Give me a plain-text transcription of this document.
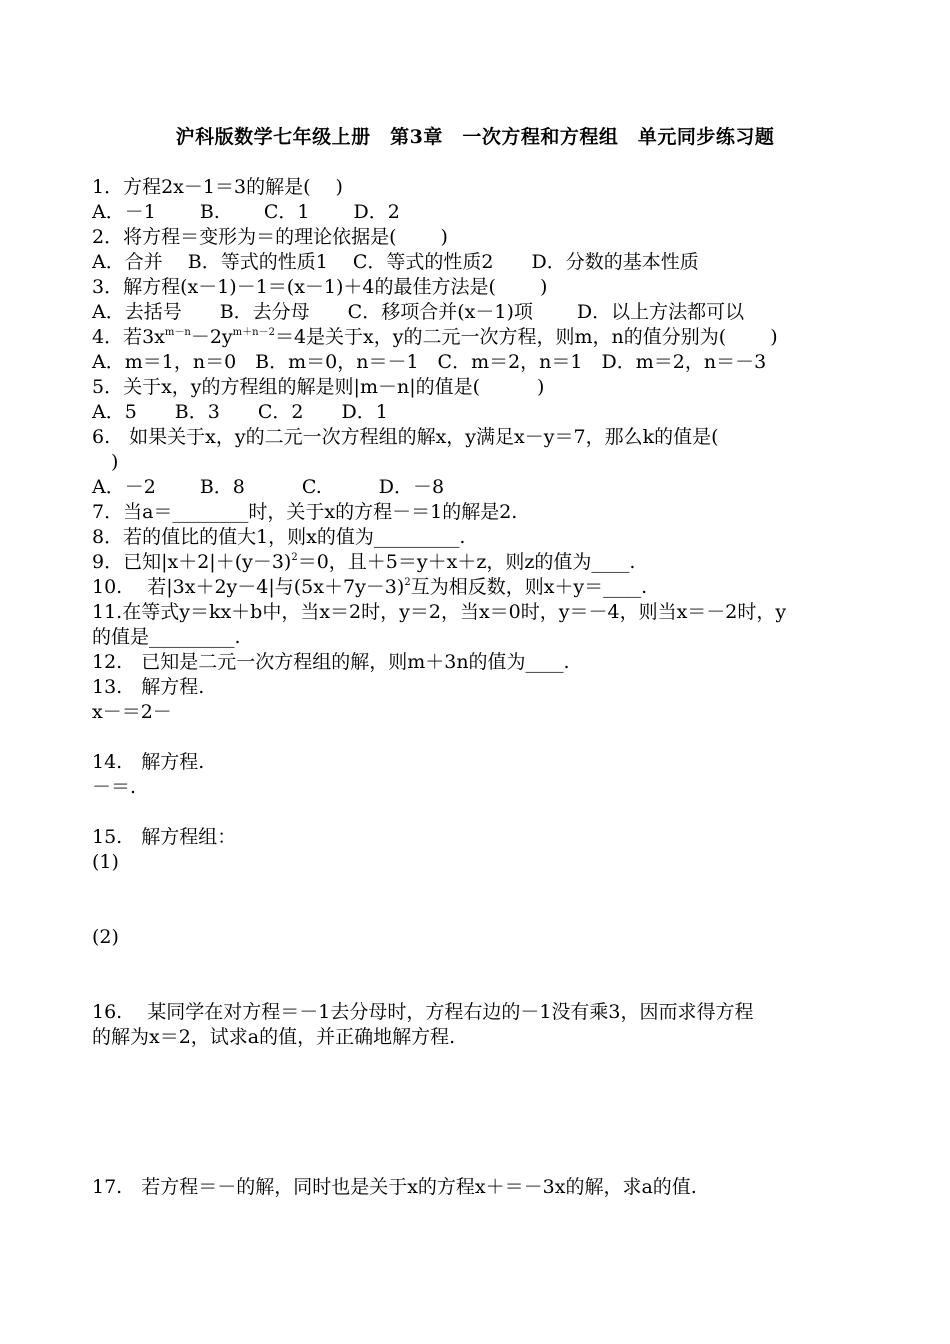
沪科版数学七年级上册　第3章　一次方程和方程组　单元同步练习题
1．方程2x－1＝3的解是(　 )
A．－1　　 B.　　 C．1　　 D．2
2．将方程＝变形为＝的理论依据是(　　 )
A．合并　 B．等式的性质1　 C．等式的性质2　　D．分数的基本性质
3．解方程(x－1)－1＝(x－1)＋4的最佳方法是(　　 )
A．去括号　　B．去分母　　C．移项合并(x－1)项　　 D．以上方法都可以
4．若$3x^{m-n}-2y^{m+n-2}=4$是关于x，y的二元一次方程，则m，n的值分别为(　　 )
A．m＝1，n＝0　B．m＝0，n＝－1　C．m＝2，n＝1　D．m＝2，n＝－3
5．关于x，y的方程组的解是则|m－n|的值是(　　　)
A．5　　B．3　　C．2　　D．1
6.　如果关于x，y的二元一次方程组的解x，y满足x－y＝7，那么k的值是(
　)
A．－2　　 B．8　　　C.　　　D．－8
7．当a＝________时，关于x的方程－＝1的解是2.
8．若的值比的值大1，则x的值为_________.
9．已知$|x+2|+(y-3)^2=0$，且＋5＝y＋x＋z，则z的值为____.
10.　 若|3x＋2y－4|与$(5x+7y-3)^2$互为相反数，则x＋y＝____.
11.在等式y＝kx＋b中，当x＝2时，y＝2，当x＝0时，y＝－4，则当x＝－2时，y
的值是_________.
12.　已知是二元一次方程组的解，则m＋3n的值为____.
13.　解方程.
x－＝2－
14.　解方程.
－＝.
15.　解方程组：
(1)
(2)
16.　 某同学在对方程＝－1去分母时，方程右边的－1没有乘3，因而求得方程
的解为x＝2，试求a的值，并正确地解方程.
17.　若方程＝－的解，同时也是关于x的方程x＋＝－3x的解，求a的值.
